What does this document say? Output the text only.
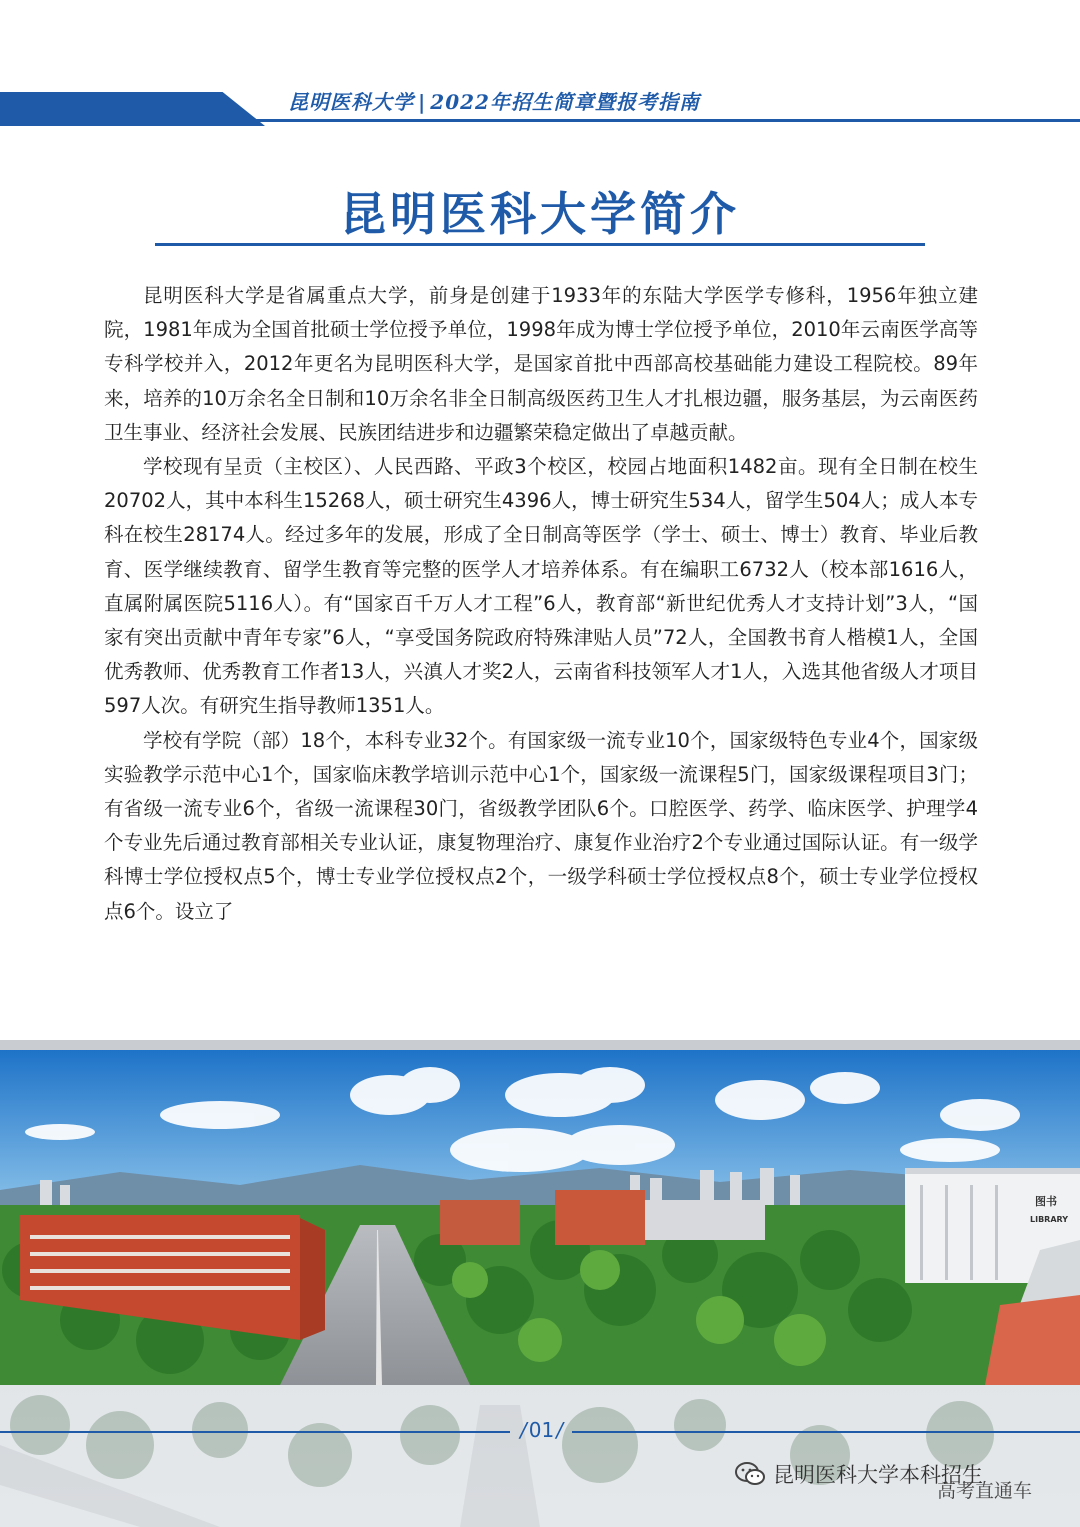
昆明医科大学 | 2022年招生简章暨报考指南
昆明医科大学简介

昆明医科大学是省属重点大学，前身是创建于1933年的东陆大学医学专修科，1956年独立建院，1981年成为全国首批硕士学位授予单位，1998年成为博士学位授予单位，2010年云南医学高等专科学校并入，2012年更名为昆明医科大学，是国家首批中西部高校基础能力建设工程院校。89年来，培养的10万余名全日制和10万余名非全日制高级医药卫生人才扎根边疆，服务基层，为云南医药卫生事业、经济社会发展、民族团结进步和边疆繁荣稳定做出了卓越贡献。

学校现有呈贡（主校区）、人民西路、平政3个校区，校园占地面积1482亩。现有全日制在校生20702人，其中本科生15268人，硕士研究生4396人，博士研究生534人，留学生504人；成人本专科在校生28174人。经过多年的发展，形成了全日制高等医学（学士、硕士、博士）教育、毕业后教育、医学继续教育、留学生教育等完整的医学人才培养体系。有在编职工6732人（校本部1616人，直属附属医院5116人）。有“国家百千万人才工程”6人，教育部“新世纪优秀人才支持计划”3人，“国家有突出贡献中青年专家”6人，“享受国务院政府特殊津贴人员”72人，全国教书育人楷模1人，全国优秀教师、优秀教育工作者13人，兴滇人才奖2人，云南省科技领军人才1人，入选其他省级人才项目597人次。有研究生指导教师1351人。

学校有学院（部）18个，本科专业32个。有国家级一流专业10个，国家级特色专业4个，国家级实验教学示范中心1个，国家临床教学培训示范中心1个，国家级一流课程5门，国家级课程项目3门；有省级一流专业6个，省级一流课程30门，省级教学团队6个。口腔医学、药学、临床医学、护理学4个专业先后通过教育部相关专业认证，康复物理治疗、康复作业治疗2个专业通过国际认证。有一级学科博士学位授权点5个，博士专业学位授权点2个，一级学科硕士学位授权点8个，硕士专业学位授权点6个。设立了

图书
LIBRARY
/ 01 /
昆明医科大学本科招生
高考直通车
